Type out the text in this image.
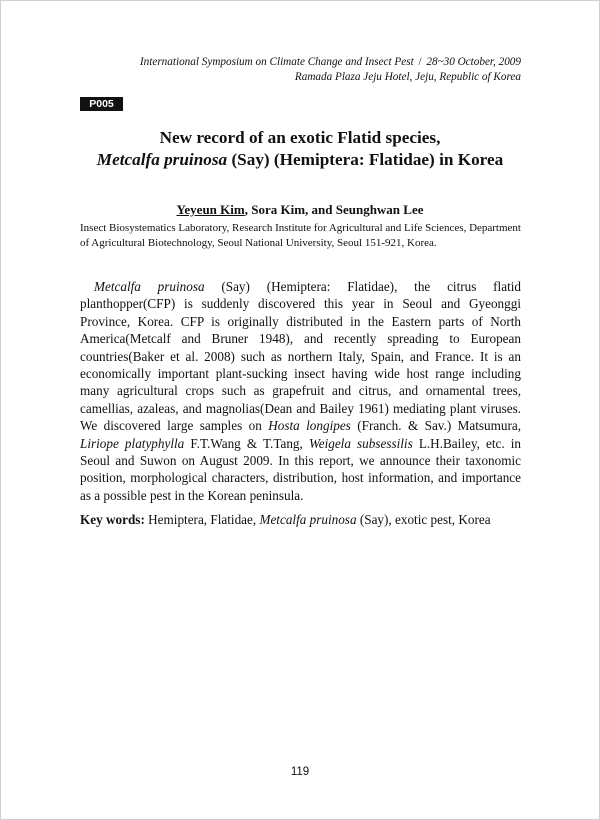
International Symposium on Climate Change and Insect Pest / 28~30 October, 2009
Ramada Plaza Jeju Hotel, Jeju, Republic of Korea
P005
New record of an exotic Flatid species,
Metcalfa pruinosa (Say) (Hemiptera: Flatidae) in Korea
Yeyeun Kim, Sora Kim, and Seunghwan Lee
Insect Biosystematics Laboratory, Research Institute for Agricultural and Life Sciences, Department of Agricultural Biotechnology, Seoul National University, Seoul 151-921, Korea.

Metcalfa pruinosa (Say) (Hemiptera: Flatidae), the citrus flatid planthopper(CFP) is suddenly discovered this year in Seoul and Gyeonggi Province, Korea. CFP is originally distributed in the Eastern parts of North America(Metcalf and Bruner 1948), and recently spreading to European countries(Baker et al. 2008) such as northern Italy, Spain, and France. It is an economically important plant-sucking insect having wide host range including many agricultural crops such as grapefruit and citrus, and ornamental trees, camellias, azaleas, and magnolias(Dean and Bailey 1961) mediating plant viruses. We discovered large samples on Hosta longipes (Franch. & Sav.) Matsumura, Liriope platyphylla F.T.Wang & T.Tang, Weigela subsessilis L.H.Bailey, etc. in Seoul and Suwon on August 2009. In this report, we announce their taxonomic position, morphological characters, distribution, host information, and importance as a possible pest in the Korean peninsula.

Key words: Hemiptera, Flatidae, Metcalfa pruinosa (Say), exotic pest, Korea
119
